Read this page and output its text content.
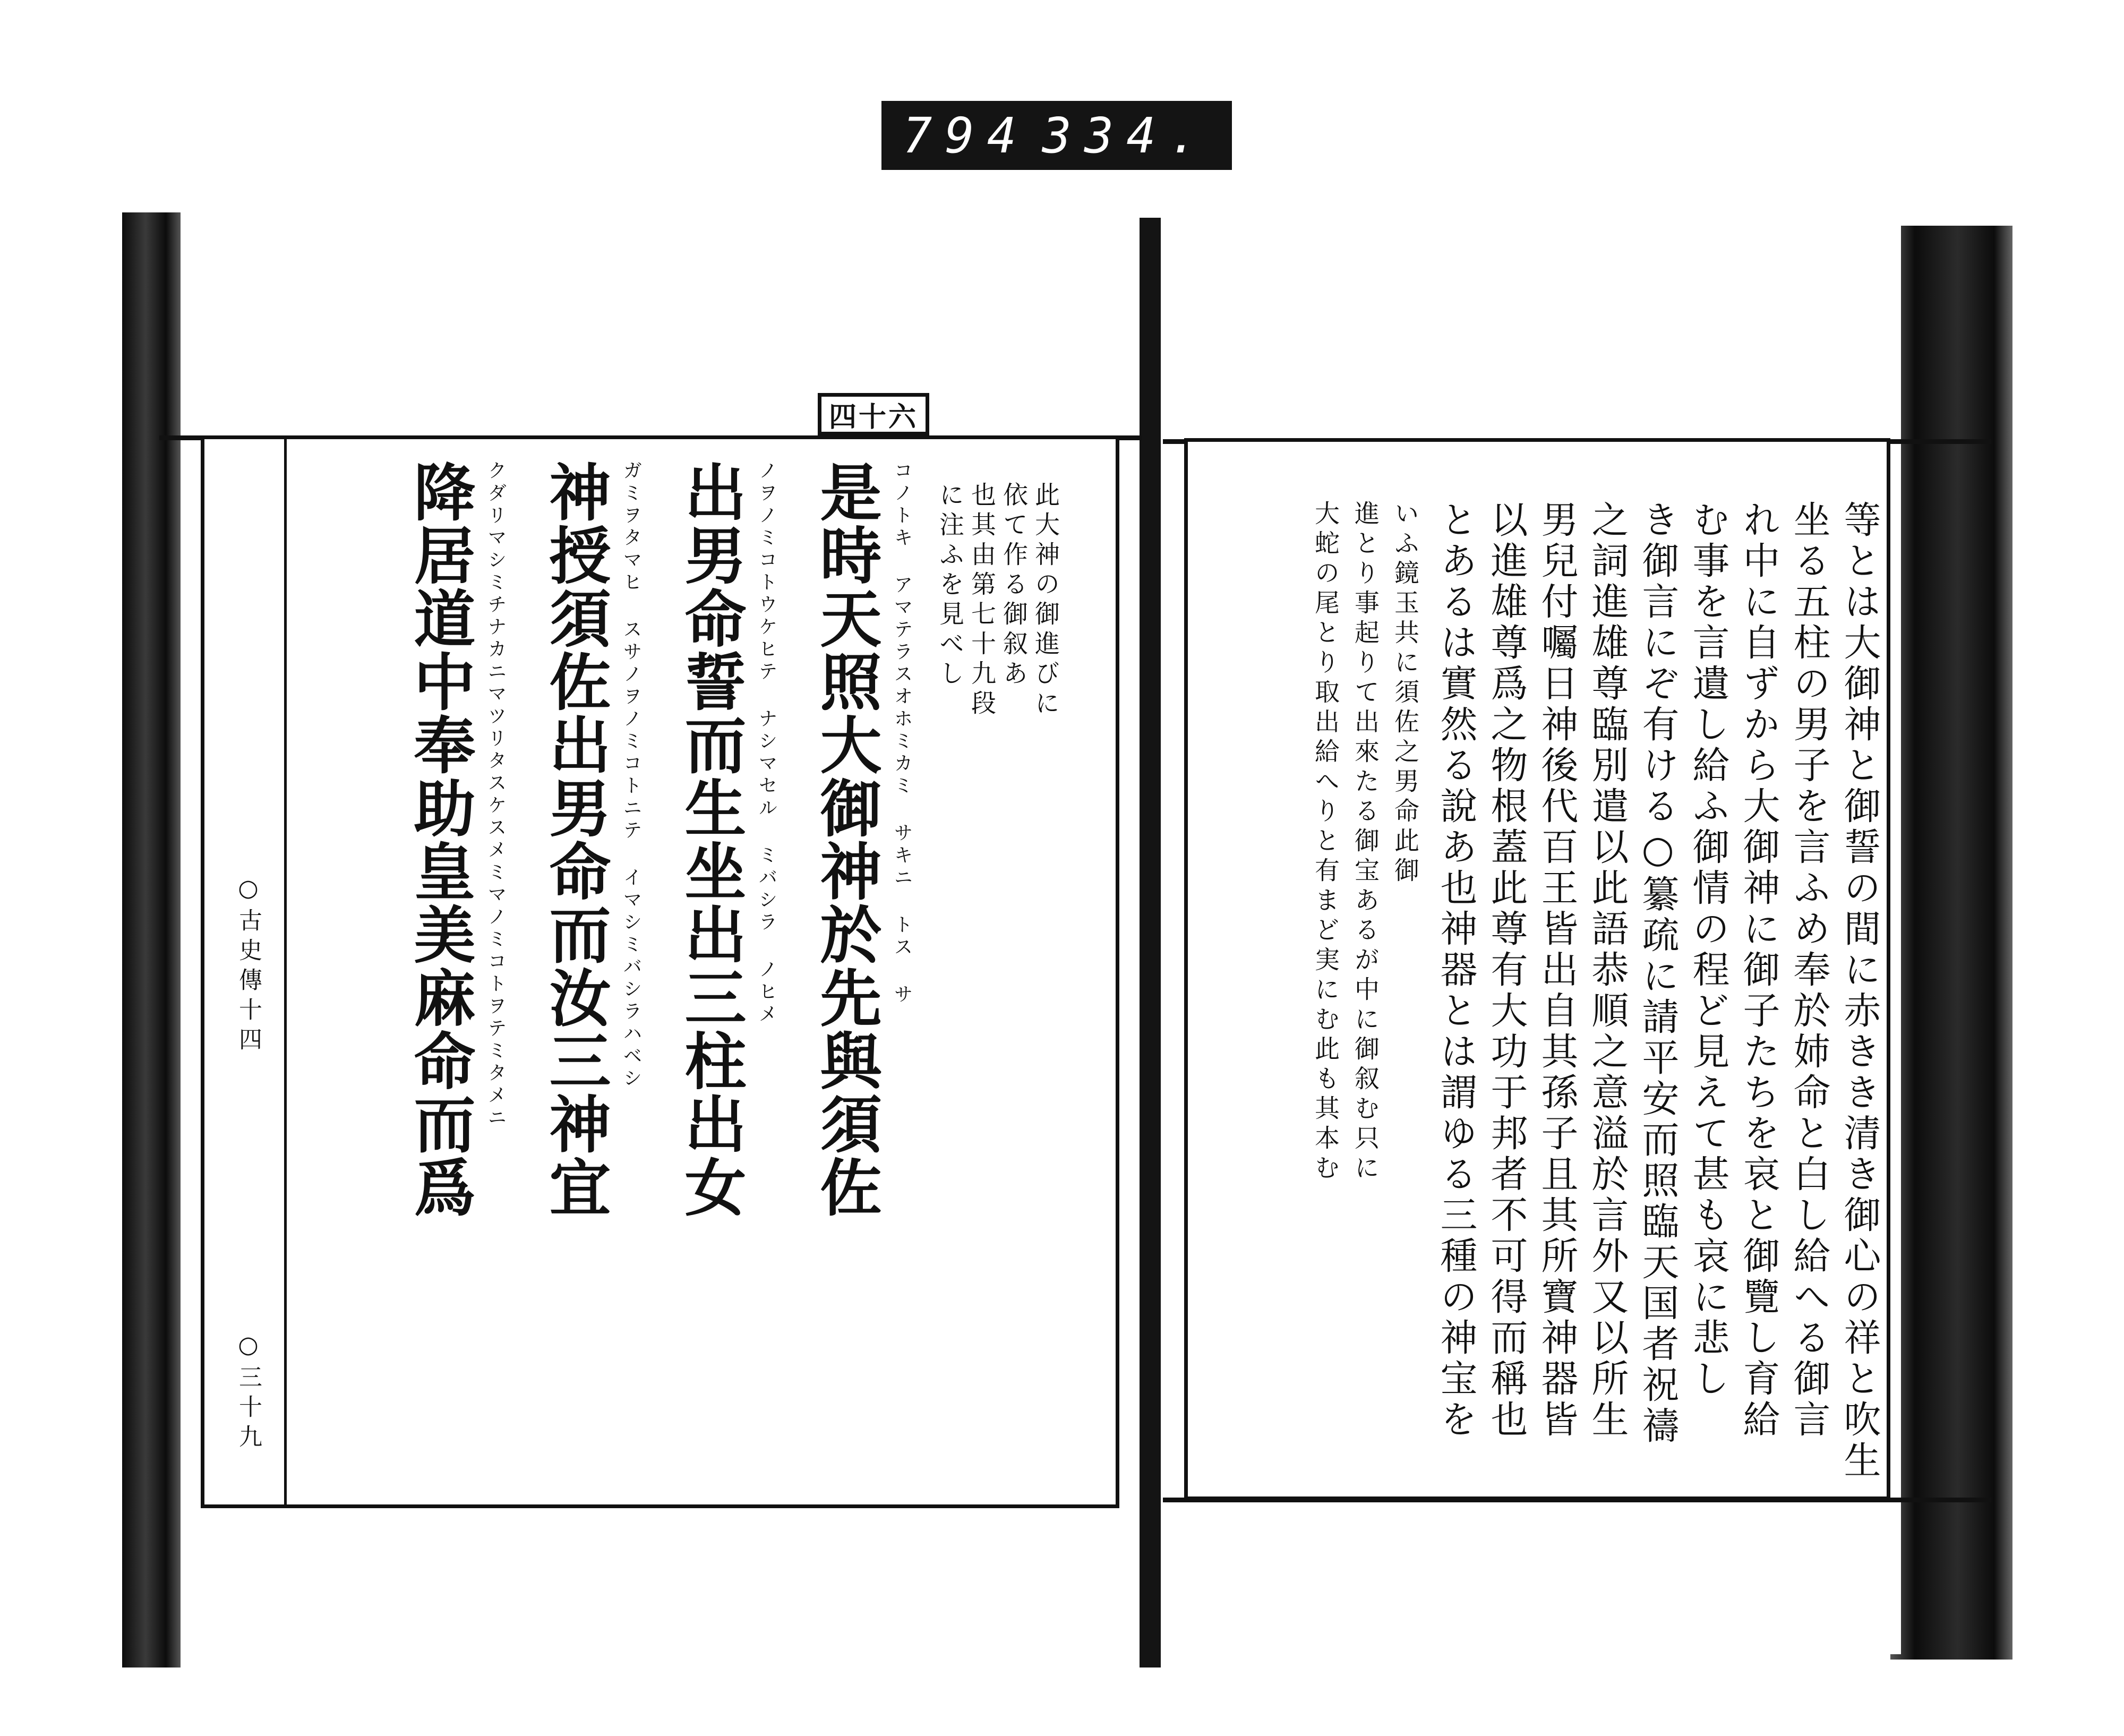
794 334.
四十六
○古史傳十四
○三十九
此大神の御進びに
依て作る御叙あ
也其由第七十九段
に注ふを見べし
コノトキ アマテラスオホミカミ サキニ トス サ
是時天照大御神於先與須佐
ノヲノミコトウケヒテ ナシマセル ミバシラ ノヒメ
出男命誓而生坐出三柱出女
ガミヲタマヒ スサノヲノミコトニテ イマシミバシラハベシ
神授須佐出男命而汝三神宜
クダリマシミチナカニマツリタスケスメミマノミコトヲテミタメニ
降居道中奉助皇美麻命而爲	等とは大御神と御誓の間に赤きき清き御心の祥と吹生
坐る五柱の男子を言ふめ奉於姉命と白し給へる御言
れ中に自ずから大御神に御子たちを哀と御覽し育給
む事を言遺し給ふ御情の程ど見えて甚も哀に悲し
き御言にぞ有ける○纂疏に請平安而照臨天国者祝禱
之詞進雄尊臨別遣以此語恭順之意溢於言外又以所生
男兒付囑日神後代百王皆出自其孫子且其所寶神器皆
以進雄尊爲之物根蓋此尊有大功于邦者不可得而稱也
とあるは實然る說あ也神器とは謂ゆる三種の神宝を
いふ鏡玉共に須佐之男命此御
進とり事起りて出來たる御宝あるが中に御叙む只に
大蛇の尾とり取出給へりと有まど実にむ此も其本む
